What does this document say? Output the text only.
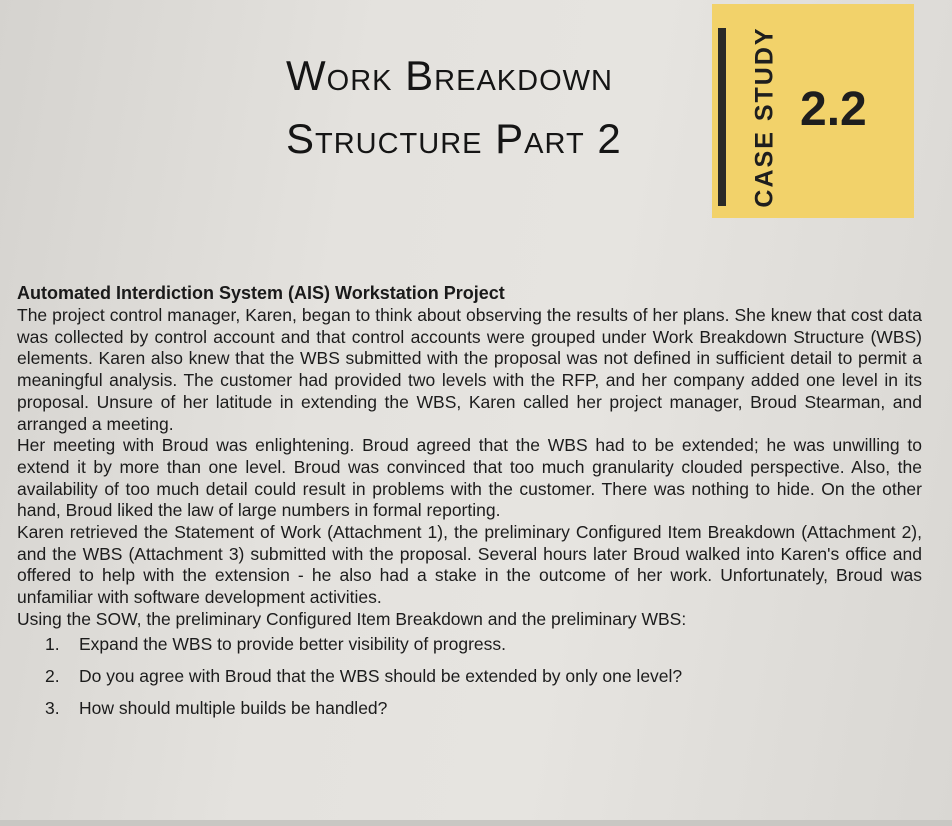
Work Breakdown
Structure Part 2	CASE STUDY 2.2
Automated Interdiction System (AIS) Workstation Project

The project control manager, Karen, began to think about observing the results of her plans. She knew that cost data was collected by control account and that control accounts were grouped under Work Breakdown Structure (WBS) elements. Karen also knew that the WBS submitted with the proposal was not defined in sufficient detail to permit a meaningful analysis. The customer had provided two levels with the RFP, and her company added one level in its proposal. Unsure of her latitude in extending the WBS, Karen called her project manager, Broud Stearman, and arranged a meeting.

Her meeting with Broud was enlightening. Broud agreed that the WBS had to be extended; he was unwilling to extend it by more than one level. Broud was convinced that too much granularity clouded perspective. Also, the availability of too much detail could result in problems with the customer. There was nothing to hide. On the other hand, Broud liked the law of large numbers in formal reporting.

Karen retrieved the Statement of Work (Attachment 1), the preliminary Configured Item Breakdown (Attachment 2), and the WBS (Attachment 3) submitted with the proposal. Several hours later Broud walked into Karen's office and offered to help with the extension - he also had a stake in the outcome of her work. Unfortunately, Broud was unfamiliar with software development activities.

Using the SOW, the preliminary Configured Item Breakdown and the preliminary WBS:

1. Expand the WBS to provide better visibility of progress.
2. Do you agree with Broud that the WBS should be extended by only one level?
3. How should multiple builds be handled?
